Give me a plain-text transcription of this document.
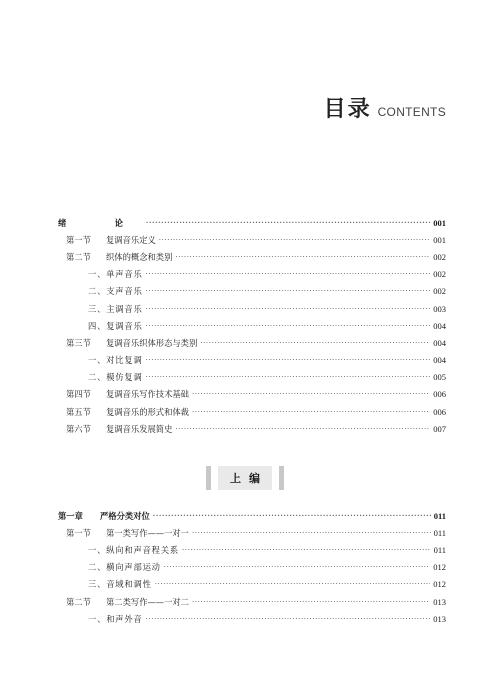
目录 CONTENTS
绪　论 ·····	001
第一节	复调音乐定义 ·····	001
第二节	织体的概念和类别 ·····	002
一、单声音乐 ·····	002
二、支声音乐 ·····	002
三、主调音乐 ·····	003
四、复调音乐 ·····	004
第三节	复调音乐织体形态与类别 ·····	004
一、对比复调 ·····	004
二、模仿复调 ·····	005
第四节	复调音乐写作技术基础 ·····	006
第五节	复调音乐的形式和体裁 ·····	006
第六节	复调音乐发展简史 ·····	007
上编
第一章	严格分类对位 ·····	011
第一节	第一类写作——一对一 ·····	011
一、纵向和声音程关系 ·····	011
二、横向声部运动 ·····	012
三、音域和调性 ·····	012
第二节	第二类写作——一对二 ·····	013
一、和声外音 ·····	013
